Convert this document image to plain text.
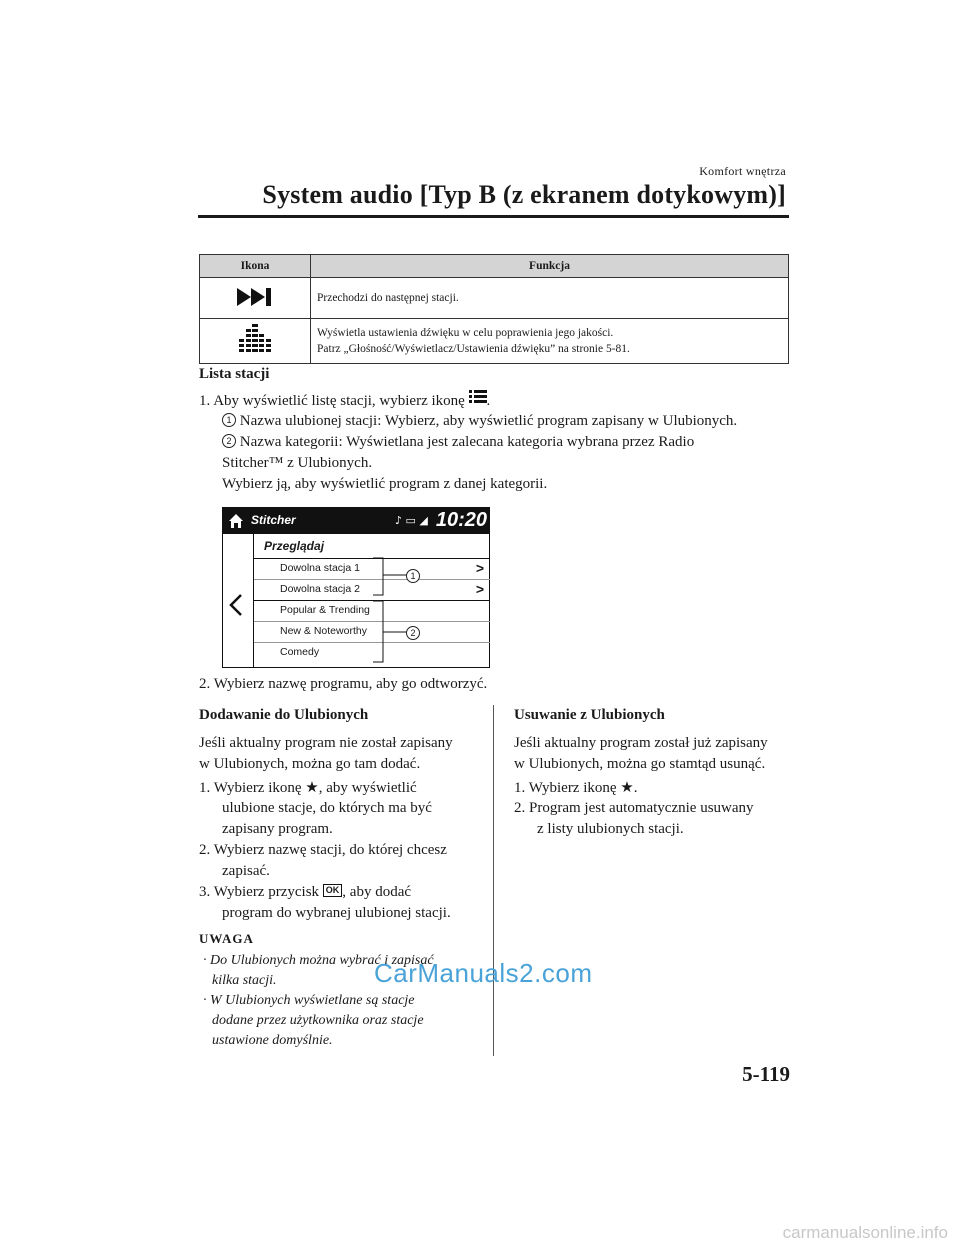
Komfort wnętrza
System audio [Typ B (z ekranem dotykowym)]
Ikona	Funkcja

Przechodzi do następnej stacji.

Wyświetla ustawienia dźwięku w celu poprawienia jego jakości.
Patrz „Głośność/Wyświetlacz/Ustawienia dźwięku” na stronie 5-81.
Lista stacji
1. Aby wyświetlić listę stacji, wybierz ikonę .
1 Nazwa ulubionej stacji: Wybierz, aby wyświetlić program zapisany w Ulubionych.
2 Nazwa kategorii: Wyświetlana jest zalecana kategoria wybrana przez Radio
Stitcher™ z Ulubionych.
Wybierz ją, aby wyświetlić program z danej kategorii.
Stitcher	♪ ▭ ◢ 10:20
Przeglądaj
Dowolna stacja 1	>
Dowolna stacja 2	>
Popular & Trending
New & Noteworthy
Comedy
1
2
2. Wybierz nazwę programu, aby go odtworzyć.
Dodawanie do Ulubionych
Jeśli aktualny program nie został zapisany
w Ulubionych, można go tam dodać.
1. Wybierz ikonę ★, aby wyświetlić
ulubione stacje, do których ma być
zapisany program.
2. Wybierz nazwę stacji, do której chcesz
zapisać.
3. Wybierz przycisk OK , aby dodać
program do wybranej ulubionej stacji.
UWAGA
· Do Ulubionych można wybrać i zapisać
kilka stacji.
· W Ulubionych wyświetlane są stacje
dodane przez użytkownika oraz stacje
ustawione domyślnie.
Usuwanie z Ulubionych
Jeśli aktualny program został już zapisany
w Ulubionych, można go stamtąd usunąć.
1. Wybierz ikonę ★.
2. Program jest automatycznie usuwany
z listy ulubionych stacji.
5-119
CarManuals2.com
carmanualsonline.info
